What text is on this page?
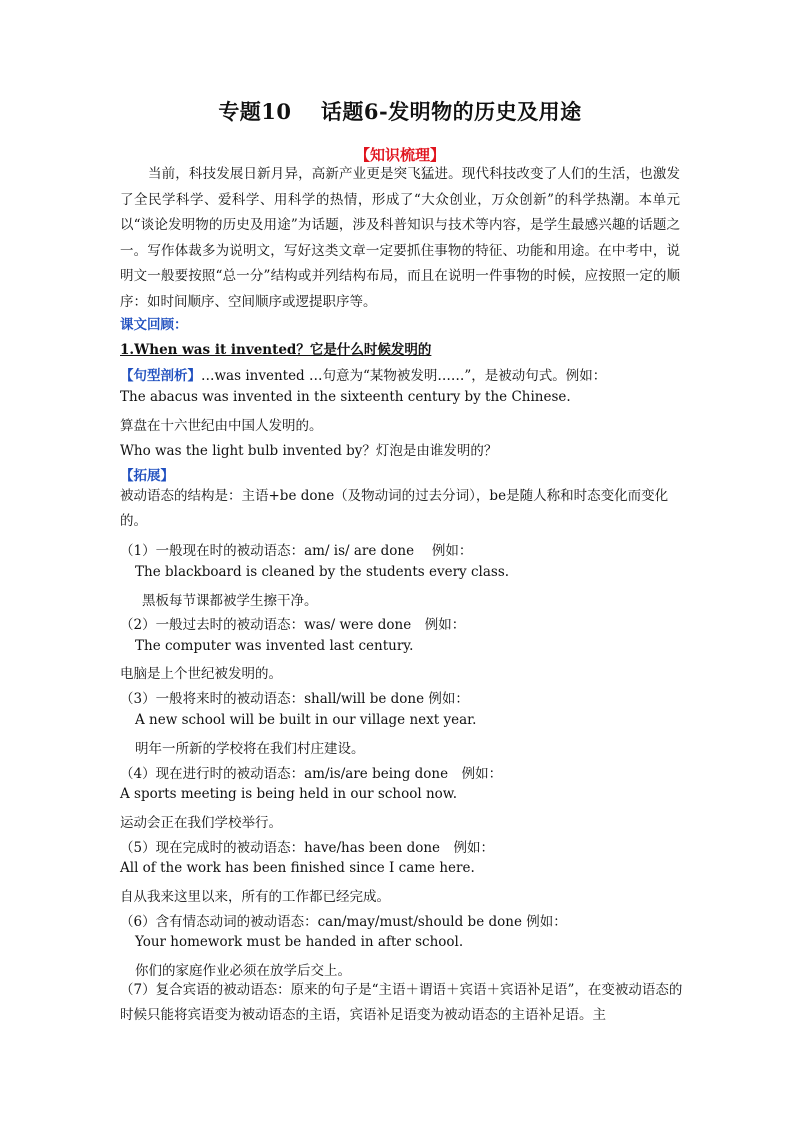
专题10　 话题6-发明物的历史及用途
【知识梳理】
当前，科技发展日新月异，高新产业更是突飞猛进。现代科技改变了人们的生活，也激发了全民学科学、爱科学、用科学的热情，形成了“大众创业，万众创新”的科学热潮。本单元以“谈论发明物的历史及用途”为话题，涉及科普知识与技术等内容，是学生最感兴趣的话题之一。写作体裁多为说明文，写好这类文章一定要抓住事物的特征、功能和用途。在中考中，说明文一般要按照“总一分”结构或并列结构布局，而且在说明一件事物的时候，应按照一定的顺序：如时间顺序、空间顺序或逻提职序等。
课文回顾：
1.When was it invented？它是什么时候发明的
【句型剖析】…was invented …句意为“某物被发明……”，是被动句式。例如：
The abacus was invented in the sixteenth century by the Chinese.
算盘在十六世纪由中国人发明的。
Who was the light bulb invented by？灯泡是由谁发明的？
【拓展】
被动语态的结构是：主语+be done（及物动词的过去分词），be是随人称和时态变化而变化的。
（1）一般现在时的被动语态：am/ is/ are done　 例如：
The blackboard is cleaned by the students every class.
黑板每节课都被学生擦干净。
（2）一般过去时的被动语态：was/ were done　例如：
The computer was invented last century.
电脑是上个世纪被发明的。
（3）一般将来时的被动语态：shall/will be done 例如：
A new school will be built in our village next year.
明年一所新的学校将在我们村庄建设。
（4）现在进行时的被动语态：am/is/are being done　例如：
A sports meeting is being held in our school now.
运动会正在我们学校举行。
（5）现在完成时的被动语态：have/has been done　例如：
All of the work has been finished since I came here.
自从我来这里以来，所有的工作都已经完成。
（6）含有情态动词的被动语态：can/may/must/should be done 例如：
Your homework must be handed in after school.
你们的家庭作业必须在放学后交上。
（7）复合宾语的被动语态：原来的句子是“主语＋谓语＋宾语＋宾语补足语”，在变被动语态的时候只能将宾语变为被动语态的主语，宾语补足语变为被动语态的主语补足语。主
